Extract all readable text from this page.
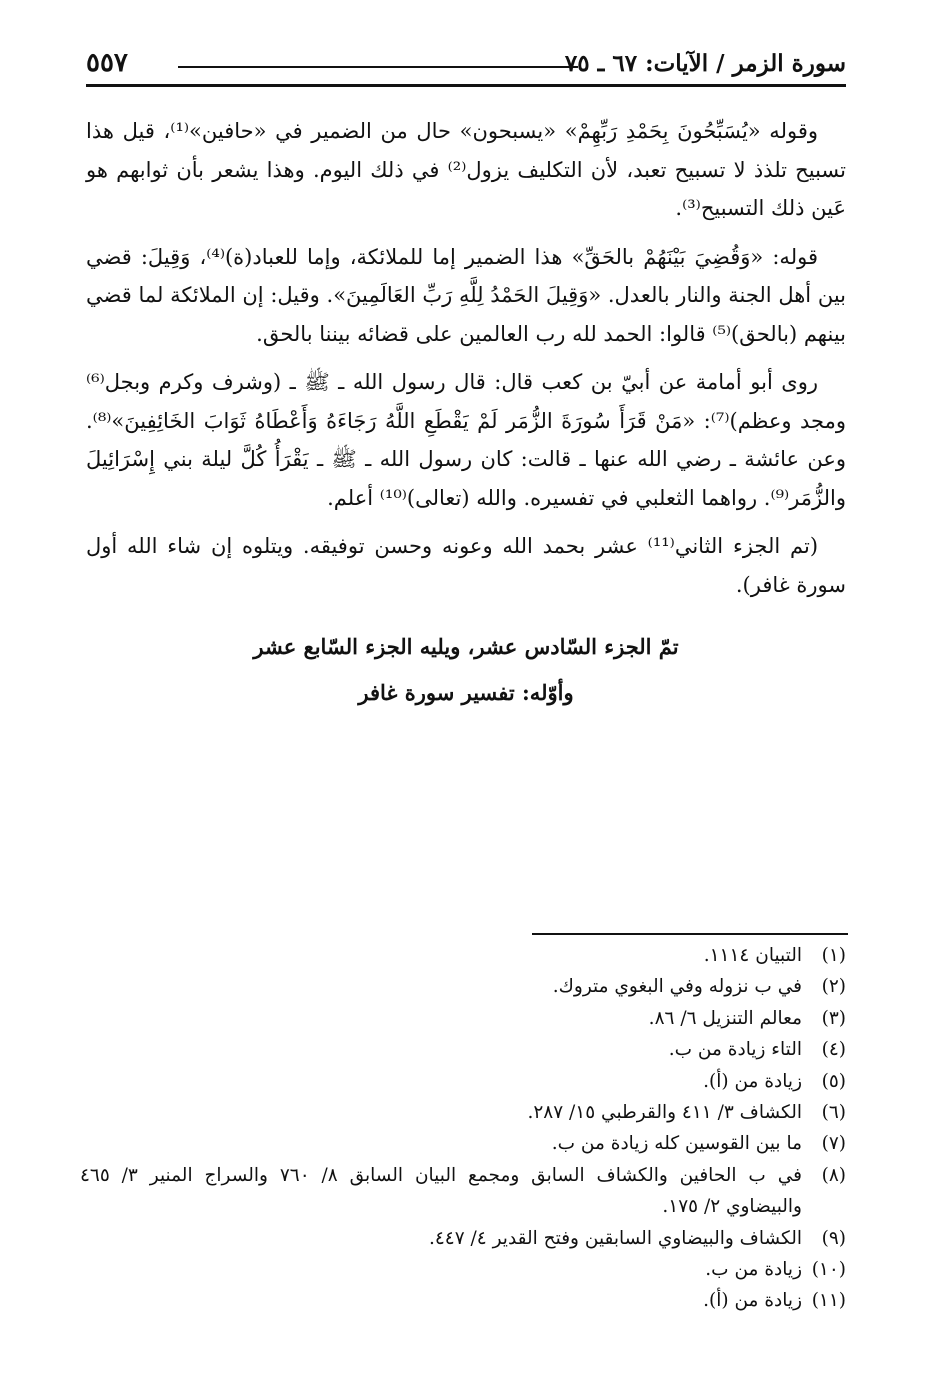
سورة الزمر / الآيات: ٦٧ ـ ٧٥
٥٥٧

وقوله «يُسَبِّحُونَ بِحَمْدِ رَبِّهِمْ» «يسبحون» حال من الضمير في «حافين»⁽¹⁾، قيل هذا تسبيح تلذذ لا تسبيح تعبد، لأن التكليف يزول⁽²⁾ في ذلك اليوم. وهذا يشعر بأن ثوابهم هو عَين ذلك التسبيح⁽³⁾.

قوله: «وَقُضِيَ بَيْنَهُمْ بالحَقِّ» هذا الضمير إما للملائكة، وإما للعباد(ة)⁽⁴⁾، وَقِيلَ: قضي بين أهل الجنة والنار بالعدل. «وَقِيلَ الحَمْدُ لِلَّهِ رَبِّ العَالَمِينَ». وقيل: إن الملائكة لما قضي بينهم (بالحق)⁽⁵⁾ قالوا: الحمد لله رب العالمين على قضائه بيننا بالحق.

روى أبو أمامة عن أبيّ بن كعب قال: قال رسول الله ـ ﷺ ـ (وشرف وكرم وبجل⁽⁶⁾ ومجد وعظم)⁽⁷⁾: «مَنْ قَرَأَ سُورَةَ الزُّمَر لَمْ يَقْطَعِ اللَّهُ رَجَاءَهُ وَأَعْطَاهُ ثَوَابَ الخَائِفِينَ»⁽⁸⁾. وعن عائشة ـ رضي الله عنها ـ قالت: كان رسول الله ـ ﷺ ـ يَقْرَأُ كُلَّ ليلة بني إِسْرَائِيلَ والزُّمَر⁽⁹⁾. رواهما الثعلبي في تفسيره. والله (تعالى)⁽¹⁰⁾ أعلم.

(تم الجزء الثاني⁽¹¹⁾ عشر بحمد الله وعونه وحسن توفيقه. ويتلوه إن شاء الله أول سورة غافر).

تمّ الجزء السّادس عشر، ويليه الجزء السّابع عشر
وأوّله: تفسير سورة غافر
(١)
التبيان ١١١٤.
(٢)
في ب نزوله وفي البغوي متروك.
(٣)
معالم التنزيل ٦/ ٨٦.
(٤)
التاء زيادة من ب.
(٥)
زيادة من (أ).
(٦)
الكشاف ٣/ ٤١١ والقرطبي ١٥/ ٢٨٧.
(٧)
ما بين القوسين كله زيادة من ب.
(٨)
في ب الحافين والكشاف السابق ومجمع البيان السابق ٨/ ٧٦٠ والسراج المنير ٣/ ٤٦٥ والبيضاوي ٢/ ١٧٥.
(٩)
الكشاف والبيضاوي السابقين وفتح القدير ٤/ ٤٤٧.
(١٠)
زيادة من ب.
(١١)
زيادة من (أ).
